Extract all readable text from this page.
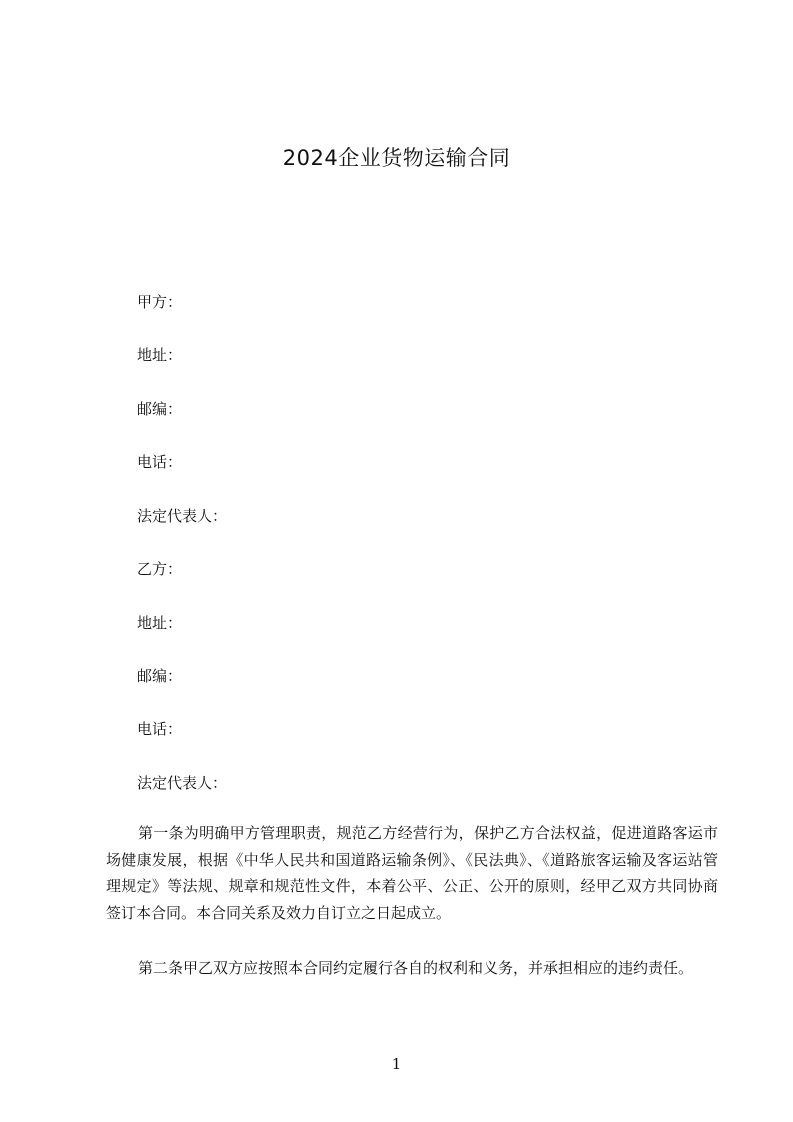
2024企业货物运输合同
甲方：
地址：
邮编：
电话：
法定代表人：
乙方：
地址：
邮编：
电话：
法定代表人：
第一条为明确甲方管理职责，规范乙方经营行为，保护乙方合法权益，促进道路客运市场健康发展，根据《中华人民共和国道路运输条例》、《民法典》、《道路旅客运输及客运站管理规定》等法规、规章和规范性文件，本着公平、公正、公开的原则，经甲乙双方共同协商签订本合同。本合同关系及效力自订立之日起成立。
第二条甲乙双方应按照本合同约定履行各自的权利和义务，并承担相应的违约责任。
1
